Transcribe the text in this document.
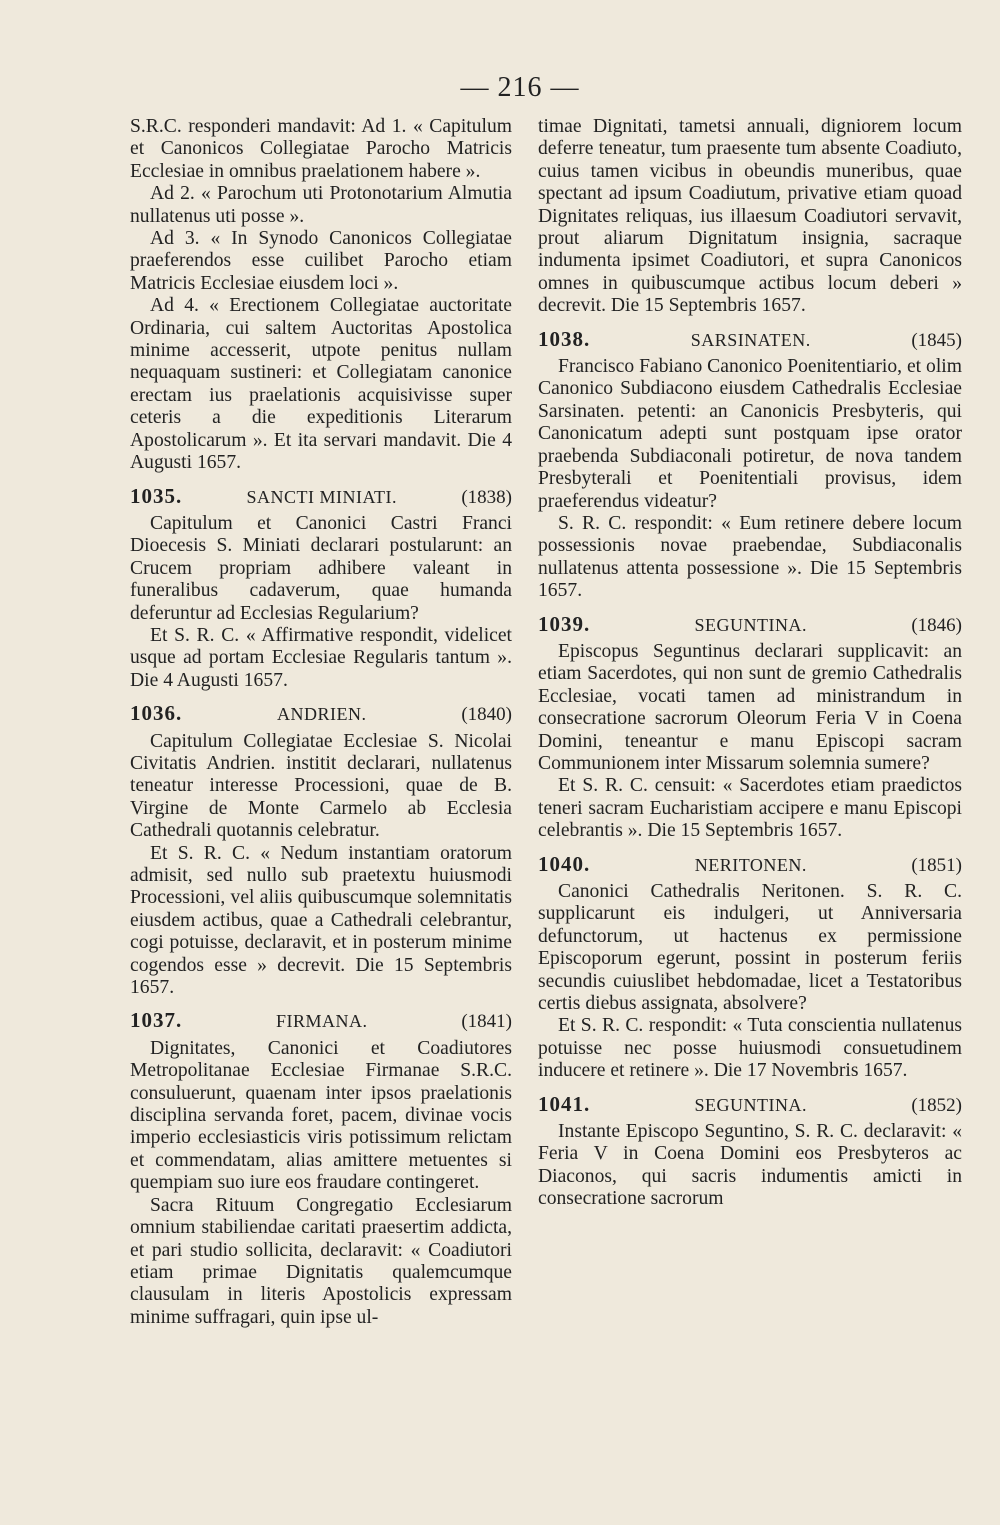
— 216 —

S.R.C. responderi mandavit: Ad 1. « Capitulum et Canonicos Collegiatae Parocho Matricis Ecclesiae in omnibus praelationem habere ».

Ad 2. « Parochum uti Protonotarium Almutia nullatenus uti posse ».

Ad 3. « In Synodo Canonicos Collegiatae praeferendos esse cuilibet Parocho etiam Matricis Ecclesiae eiusdem loci ».

Ad 4. « Erectionem Collegiatae auctoritate Ordinaria, cui saltem Auctoritas Apostolica minime accesserit, utpote penitus nullam nequaquam sustineri: et Collegiatam canonice erectam ius praelationis acquisivisse super ceteris a die expeditionis Literarum Apostolicarum ». Et ita servari mandavit. Die 4 Augusti 1657.

1035.	SANCTI MINIATI.	(1838)

Capitulum et Canonici Castri Franci Dioecesis S. Miniati declarari postularunt: an Crucem propriam adhibere valeant in funeralibus cadaverum, quae humanda deferuntur ad Ecclesias Regularium?

Et S. R. C. « Affirmative respondit, videlicet usque ad portam Ecclesiae Regularis tantum ». Die 4 Augusti 1657.

1036.	ANDRIEN.	(1840)

Capitulum Collegiatae Ecclesiae S. Nicolai Civitatis Andrien. institit declarari, nullatenus teneatur interesse Processioni, quae de B. Virgine de Monte Carmelo ab Ecclesia Cathedrali quotannis celebratur.

Et S. R. C. « Nedum instantiam oratorum admisit, sed nullo sub praetextu huiusmodi Processioni, vel aliis quibuscumque solemnitatis eiusdem actibus, quae a Cathedrali celebrantur, cogi potuisse, declaravit, et in posterum minime cogendos esse » decrevit. Die 15 Septembris 1657.

1037.	FIRMANA.	(1841)

Dignitates, Canonici et Coadiutores Metropolitanae Ecclesiae Firmanae S.R.C. consuluerunt, quaenam inter ipsos praelationis disciplina servanda foret, pacem, divinae vocis imperio ecclesiasticis viris potissimum relictam et commendatam, alias amittere metuentes si quempiam suo iure eos fraudare contingeret.

Sacra Rituum Congregatio Ecclesiarum omnium stabiliendae caritati praesertim addicta, et pari studio sollicita, declaravit: « Coadiutori etiam primae Dignitatis qualemcumque clausulam in literis Apostolicis expressam minime suffragari, quin ipse ul-

timae Dignitati, tametsi annuali, digniorem locum deferre teneatur, tum praesente tum absente Coadiuto, cuius tamen vicibus in obeundis muneribus, quae spectant ad ipsum Coadiutum, privative etiam quoad Dignitates reliquas, ius illaesum Coadiutori servavit, prout aliarum Dignitatum insignia, sacraque indumenta ipsimet Coadiutori, et supra Canonicos omnes in quibuscumque actibus locum deberi » decrevit. Die 15 Septembris 1657.

1038.	SARSINATEN.	(1845)

Francisco Fabiano Canonico Poenitentiario, et olim Canonico Subdiacono eiusdem Cathedralis Ecclesiae Sarsinaten. petenti: an Canonicis Presbyteris, qui Canonicatum adepti sunt postquam ipse orator praebenda Subdiaconali potiretur, de nova tandem Presbyterali et Poenitentiali provisus, idem praeferendus videatur?

S. R. C. respondit: « Eum retinere debere locum possessionis novae praebendae, Subdiaconalis nullatenus attenta possessione ». Die 15 Septembris 1657.

1039.	SEGUNTINA.	(1846)

Episcopus Seguntinus declarari supplicavit: an etiam Sacerdotes, qui non sunt de gremio Cathedralis Ecclesiae, vocati tamen ad ministrandum in consecratione sacrorum Oleorum Feria V in Coena Domini, teneantur e manu Episcopi sacram Communionem inter Missarum solemnia sumere?

Et S. R. C. censuit: « Sacerdotes etiam praedictos teneri sacram Eucharistiam accipere e manu Episcopi celebrantis ». Die 15 Septembris 1657.

1040.	NERITONEN.	(1851)

Canonici Cathedralis Neritonen. S. R. C. supplicarunt eis indulgeri, ut Anniversaria defunctorum, ut hactenus ex permissione Episcoporum egerunt, possint in posterum feriis secundis cuiuslibet hebdomadae, licet a Testatoribus certis diebus assignata, absolvere?

Et S. R. C. respondit: « Tuta conscientia nullatenus potuisse nec posse huiusmodi consuetudinem inducere et retinere ». Die 17 Novembris 1657.

1041.	SEGUNTINA.	(1852)

Instante Episcopo Seguntino, S. R. C. declaravit: « Feria V in Coena Domini eos Presbyteros ac Diaconos, qui sacris indumentis amicti in consecratione sacrorum
